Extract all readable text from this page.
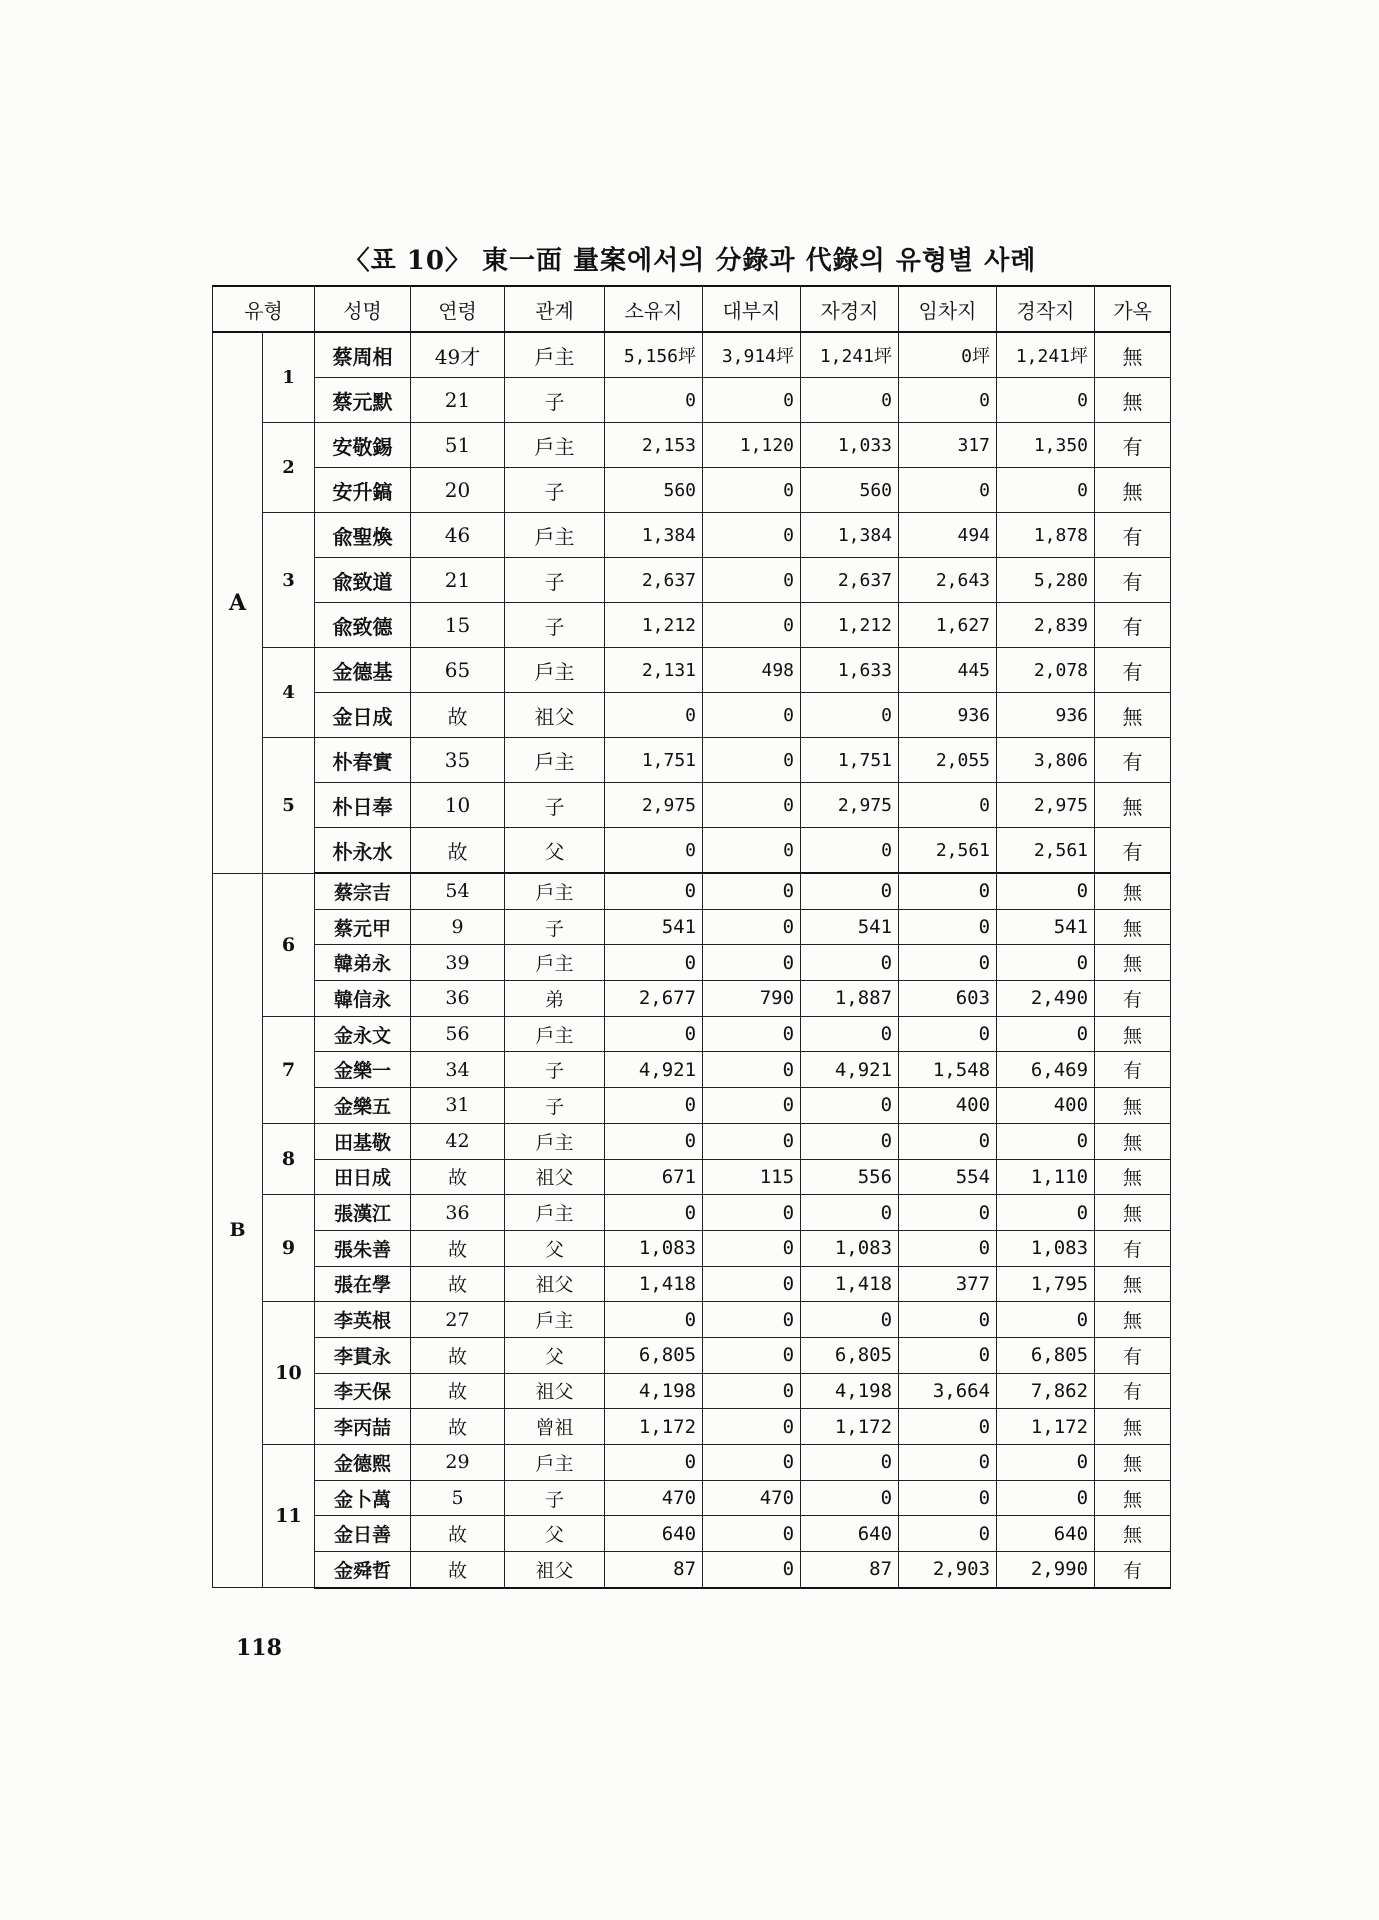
〈표 10〉 東一面 量案에서의 分錄과 代錄의 유형별 사례
유형		성명	연령	관계	소유지	대부지	자경지	임차지	경작지	가옥
A	1	蔡周相	49才	戶主	5,156坪	3,914坪	1,241坪	0坪	1,241坪	無
		蔡元默	21	子	0	0	0	0	0	無
	2	安敬錫	51	戶主	2,153	1,120	1,033	317	1,350	有
		安升鎬	20	子	560	0	560	0	0	無
	3	兪聖煥	46	戶主	1,384	0	1,384	494	1,878	有
		兪致道	21	子	2,637	0	2,637	2,643	5,280	有
		兪致德	15	子	1,212	0	1,212	1,627	2,839	有
	4	金德基	65	戶主	2,131	498	1,633	445	2,078	有
		金日成	故	祖父	0	0	0	936	936	無
	5	朴春實	35	戶主	1,751	0	1,751	2,055	3,806	有
		朴日奉	10	子	2,975	0	2,975	0	2,975	無
		朴永水	故	父	0	0	0	2,561	2,561	有
B	6	蔡宗吉	54	戶主	0	0	0	0	0	無
		蔡元甲	9	子	541	0	541	0	541	無
		韓弟永	39	戶主	0	0	0	0	0	無
		韓信永	36	弟	2,677	790	1,887	603	2,490	有
	7	金永文	56	戶主	0	0	0	0	0	無
		金樂一	34	子	4,921	0	4,921	1,548	6,469	有
		金樂五	31	子	0	0	0	400	400	無
	8	田基敬	42	戶主	0	0	0	0	0	無
		田日成	故	祖父	671	115	556	554	1,110	無
	9	張漢江	36	戶主	0	0	0	0	0	無
		張朱善	故	父	1,083	0	1,083	0	1,083	有
		張在學	故	祖父	1,418	0	1,418	377	1,795	無
	10	李英根	27	戶主	0	0	0	0	0	無
		李貫永	故	父	6,805	0	6,805	0	6,805	有
		李天保	故	祖父	4,198	0	4,198	3,664	7,862	有
		李丙喆	故	曾祖	1,172	0	1,172	0	1,172	無
	11	金德熙	29	戶主	0	0	0	0	0	無
		金卜萬	5	子	470	470	0	0	0	無
		金日善	故	父	640	0	640	0	640	無
		金舜哲	故	祖父	87	0	87	2,903	2,990	有
118
